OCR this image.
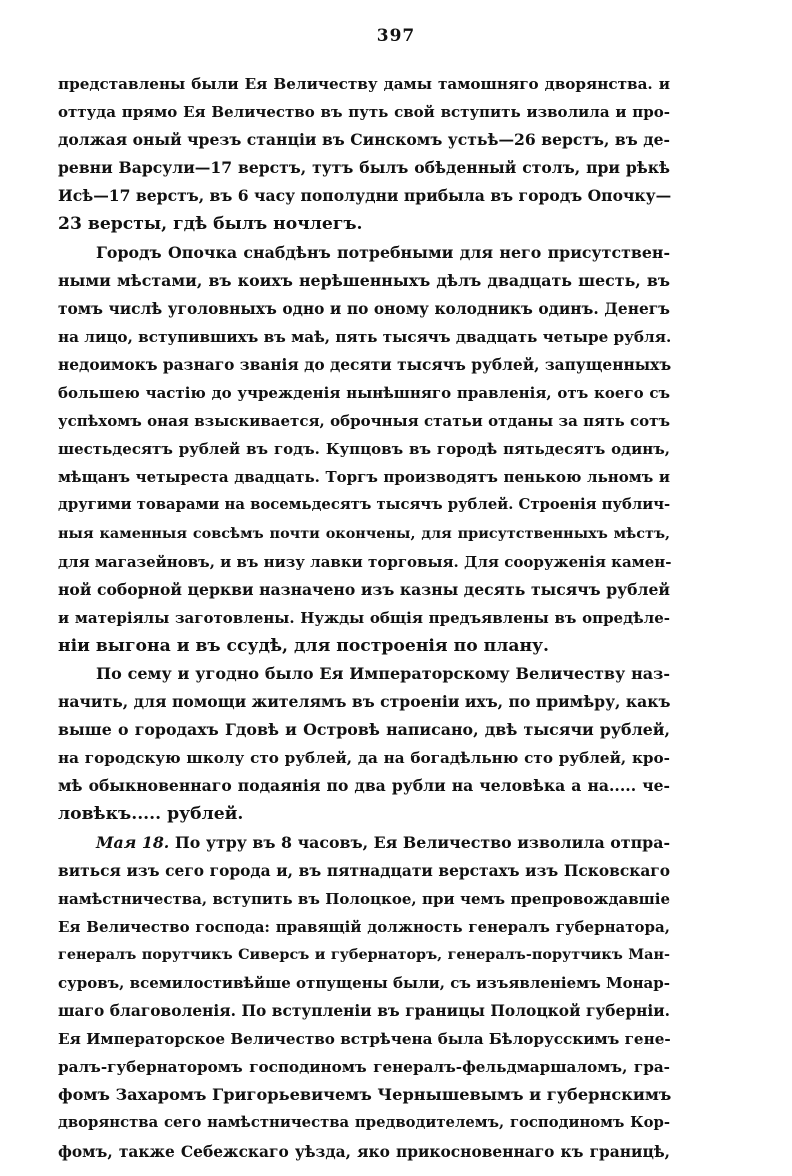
397
представлены были Ея Величеству дамы тамошняго дворянства. и
оттуда прямо Ея Величество въ путь свой вступить изволила и про-
должая оный чрезъ станціи въ Синскомъ устьѣ—26 верстъ, въ де-
ревни Варсули—17 верстъ, тутъ былъ обѣденный столъ, при рѣкѣ
Исѣ—17 верстъ, въ 6 часу пополудни прибыла въ городъ Опочку—
23 версты, гдѣ былъ ночлегъ.
Городъ Опочка снабдѣнъ потребными для него присутствен-
ными мѣстами, въ коихъ нерѣшенныхъ дѣлъ двадцать шесть, въ
томъ числѣ уголовныхъ одно и по оному колодникъ одинъ. Денегъ
на лицо, вступившихъ въ маѣ, пять тысячъ двадцать четыре рубля.
недоимокъ разнаго званія до десяти тысячъ рублей, запущенныхъ
большею частію до учрежденія нынѣшняго правленія, отъ коего съ
успѣхомъ оная взыскивается, оброчныя статьи отданы за пять сотъ
шестьдесятъ рублей въ годъ. Купцовъ въ городѣ пятьдесятъ одинъ,
мѣщанъ четыреста двадцать. Торгъ производятъ пенькою льномъ и
другими товарами на восемьдесятъ тысячъ рублей. Строенія публич-
ныя каменныя совсѣмъ почти окончены, для присутственныхъ мѣстъ,
для магазейновъ, и въ низу лавки торговыя. Для сооруженія камен-
ной соборной церкви назначено изъ казны десять тысячъ рублей
и матеріялы заготовлены. Нужды общія предъявлены въ опредѣле-
ніи выгона и въ ссудѣ, для построенія по плану.
По сему и угодно было Ея Императорскому Величеству наз-
начить, для помощи жителямъ въ строеніи ихъ, по примѣру, какъ
выше о городахъ Гдовѣ и Островѣ написано, двѣ тысячи рублей,
на городскую школу сто рублей, да на богадѣльню сто рублей, кро-
мѣ обыкновеннаго подаянія по два рубли на человѣка а на..... чe-
ловѣкъ..... рублей.
Мая 18. По утру въ 8 часовъ, Ея Величество изволила отпра-
виться изъ сего города и, въ пятнадцати верстахъ изъ Псковскаго
намѣстничества, вступить въ Полоцкое, при чемъ препровождавшіе
Ея Величество господа: правящій должность генералъ губернатора,
генералъ порутчикъ Сиверсъ и губернаторъ, генералъ-порутчикъ Ман-
суровъ, всемилостивѣйше отпущены были, съ изъявленіемъ Монар-
шаго благоволенія. По вступленіи въ границы Полоцкой губерніи.
Ея Императорское Величество встрѣчена была Бѣлорусскимъ гене-
ралъ-губернаторомъ господиномъ генералъ-фельдмаршаломъ, гра-
фомъ Захаромъ Григорьевичемъ Чернышевымъ и губернскимъ
дворянства сего намѣстничества предводителемъ, господиномъ Кор-
фомъ, также Себежскаго уѣзда, яко прикосновеннаго къ границѣ,
